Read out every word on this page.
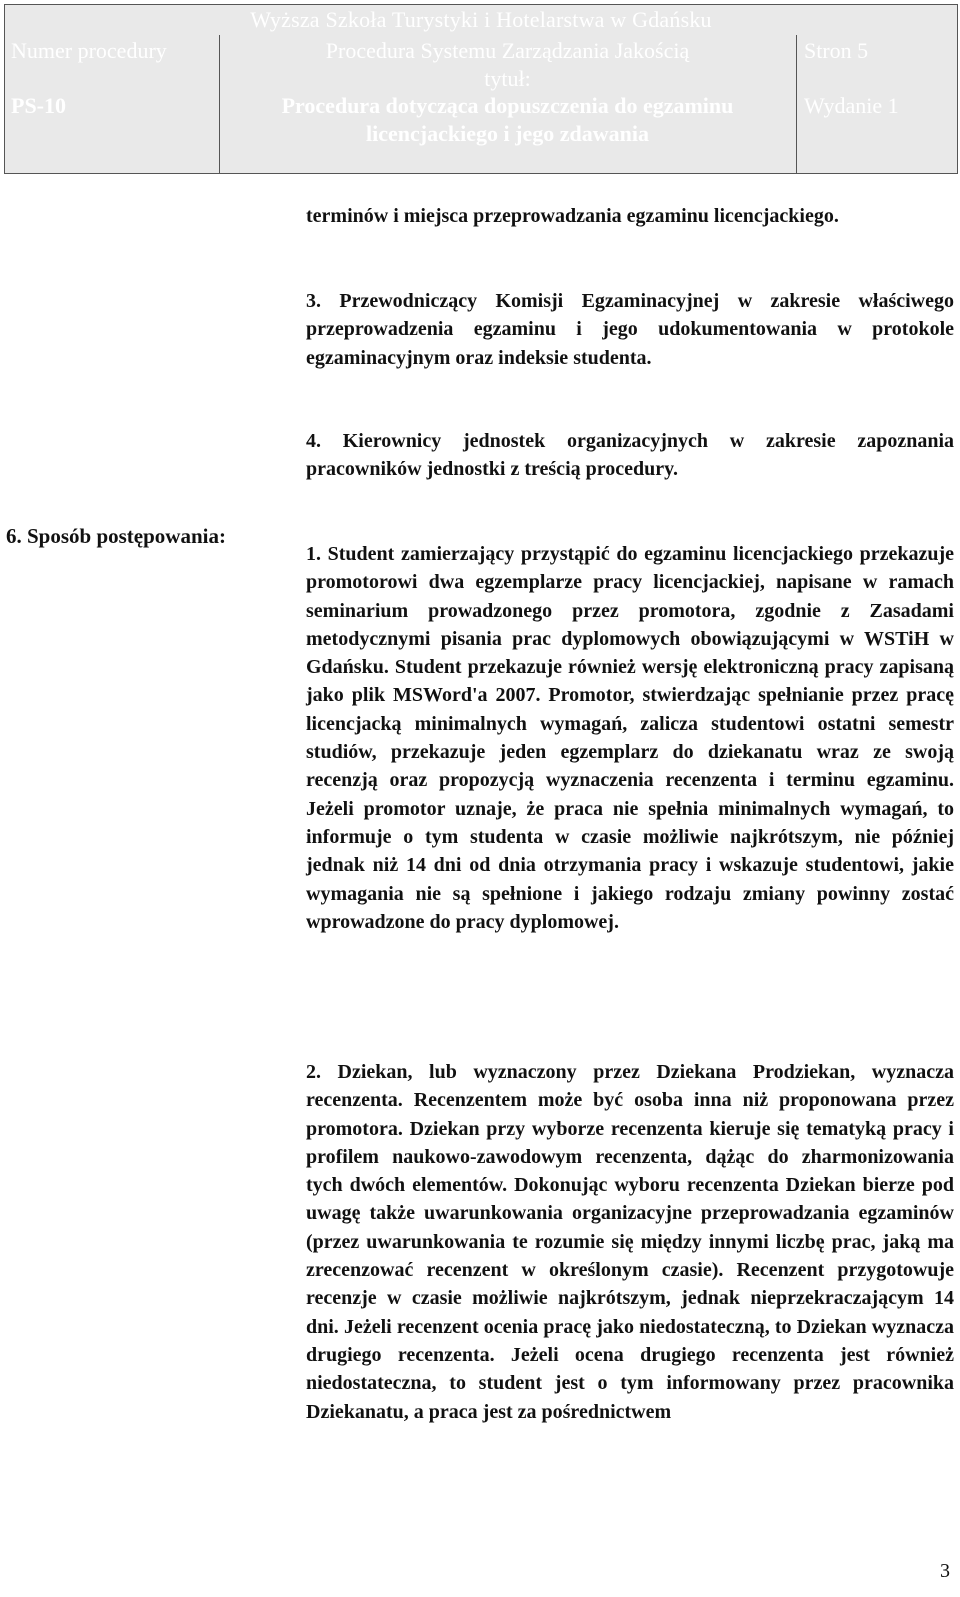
Wyższa Szkoła Turystyki i Hotelarstwa w Gdańsku
Numer procedury
PS-10
Procedura Systemu Zarządzania Jakością
tytuł:
Procedura dotycząca dopuszczenia do egzaminu
licencjackiego i jego zdawania
Stron 5
Wydanie 1
terminów i miejsca przeprowadzania egzaminu licencjackiego.
3. Przewodniczący Komisji Egzaminacyjnej w zakresie właściwego przeprowadzenia egzaminu i jego udokumentowania w protokole egzaminacyjnym oraz indeksie studenta.
4. Kierownicy jednostek organizacyjnych w zakresie zapoznania pracowników jednostki z treścią procedury.
6. Sposób postępowania:
1. Student zamierzający przystąpić do egzaminu licencjackiego przekazuje promotorowi dwa egzemplarze pracy licencjackiej, napisane w ramach seminarium prowadzonego przez promotora, zgodnie z Zasadami metodycznymi pisania prac dyplomowych obowiązującymi w WSTiH w Gdańsku. Student przekazuje również wersję elektroniczną pracy zapisaną jako plik MSWord'a 2007. Promotor, stwierdzając spełnianie przez pracę licencjacką minimalnych wymagań, zalicza studentowi ostatni semestr studiów, przekazuje jeden egzemplarz do dziekanatu wraz ze swoją recenzją oraz propozycją wyznaczenia recenzenta i terminu egzaminu. Jeżeli promotor uznaje, że praca nie spełnia minimalnych wymagań, to informuje o tym studenta w czasie możliwie najkrótszym, nie później jednak niż 14 dni od dnia otrzymania pracy i wskazuje studentowi, jakie wymagania nie są spełnione i jakiego rodzaju zmiany powinny zostać wprowadzone do pracy dyplomowej.
2. Dziekan, lub wyznaczony przez Dziekana Prodziekan, wyznacza recenzenta. Recenzentem może być osoba inna niż proponowana przez promotora. Dziekan przy wyborze recenzenta kieruje się tematyką pracy i profilem naukowo-zawodowym recenzenta, dążąc do zharmonizowania tych dwóch elementów. Dokonując wyboru recenzenta Dziekan bierze pod uwagę także uwarunkowania organizacyjne przeprowadzania egzaminów (przez uwarunkowania te rozumie się między innymi liczbę prac, jaką ma zrecenzować recenzent w określonym czasie). Recenzent przygotowuje recenzje w czasie możliwie najkrótszym, jednak nieprzekraczającym 14 dni. Jeżeli recenzent ocenia pracę jako niedostateczną, to Dziekan wyznacza drugiego recenzenta. Jeżeli ocena drugiego recenzenta jest również niedostateczna, to student jest o tym informowany przez pracownika Dziekanatu, a praca jest za pośrednictwem
3
